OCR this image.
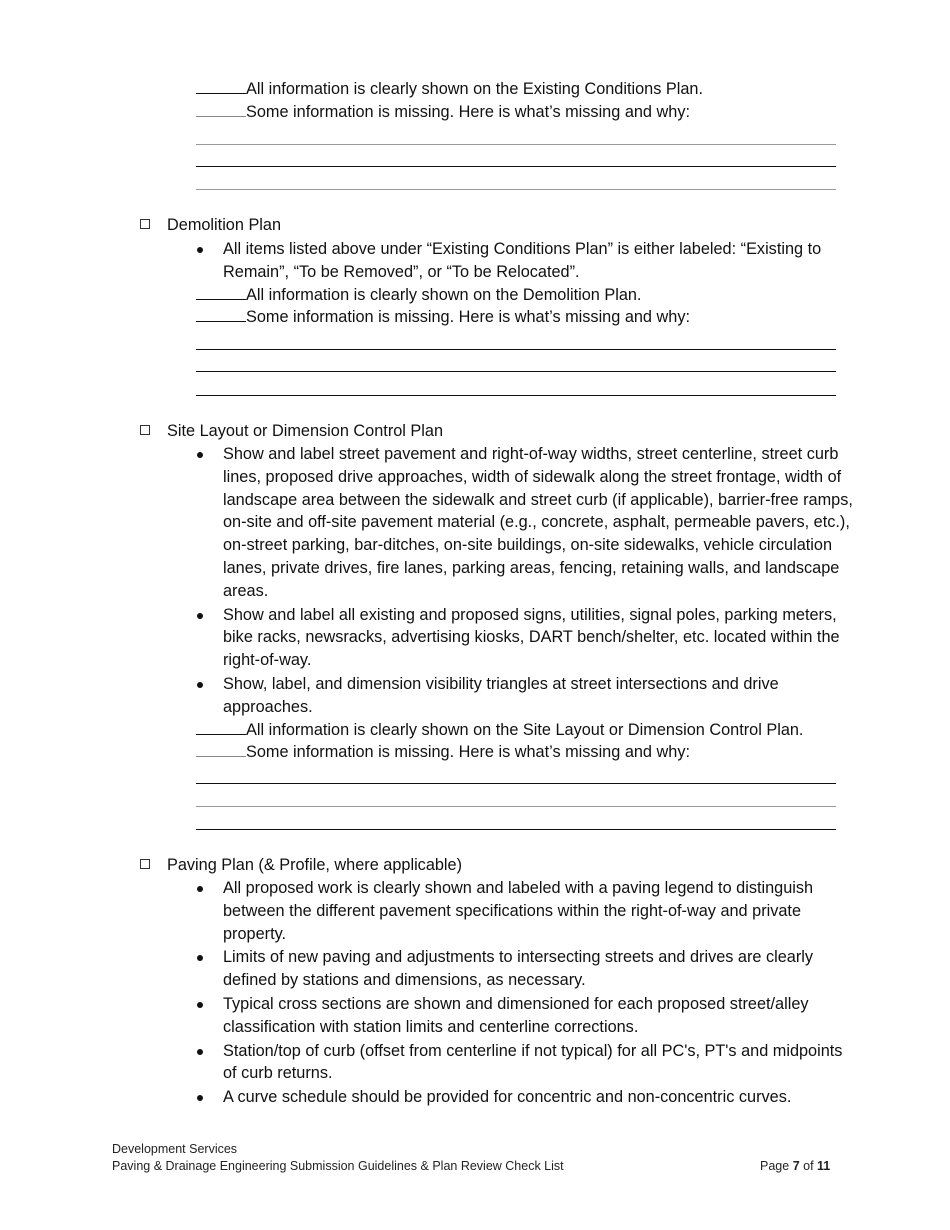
All information is clearly shown on the Existing Conditions Plan.
Some information is missing. Here is what’s missing and why:
Demolition Plan
All items listed above under “Existing Conditions Plan” is either labeled: “Existing to Remain”, “To be Removed”, or “To be Relocated”.
All information is clearly shown on the Demolition Plan.
Some information is missing. Here is what’s missing and why:
Site Layout or Dimension Control Plan
Show and label street pavement and right-of-way widths, street centerline, street curb lines, proposed drive approaches, width of sidewalk along the street frontage, width of landscape area between the sidewalk and street curb (if applicable), barrier-free ramps, on-site and off-site pavement material (e.g., concrete, asphalt, permeable pavers, etc.), on-street parking, bar-ditches, on-site buildings, on-site sidewalks, vehicle circulation lanes, private drives, fire lanes, parking areas, fencing, retaining walls, and landscape areas.
Show and label all existing and proposed signs, utilities, signal poles, parking meters, bike racks, newsracks, advertising kiosks, DART bench/shelter, etc. located within the right-of-way.
Show, label, and dimension visibility triangles at street intersections and drive approaches.
All information is clearly shown on the Site Layout or Dimension Control Plan.
Some information is missing. Here is what’s missing and why:
Paving Plan (& Profile, where applicable)
All proposed work is clearly shown and labeled with a paving legend to distinguish between the different pavement specifications within the right-of-way and private property.
Limits of new paving and adjustments to intersecting streets and drives are clearly defined by stations and dimensions, as necessary.
Typical cross sections are shown and dimensioned for each proposed street/alley classification with station limits and centerline corrections.
Station/top of curb (offset from centerline if not typical) for all PC's, PT's and midpoints of curb returns.
A curve schedule should be provided for concentric and non-concentric curves.
Development Services
Paving & Drainage Engineering Submission Guidelines & Plan Review Check List	Page 7 of 11
